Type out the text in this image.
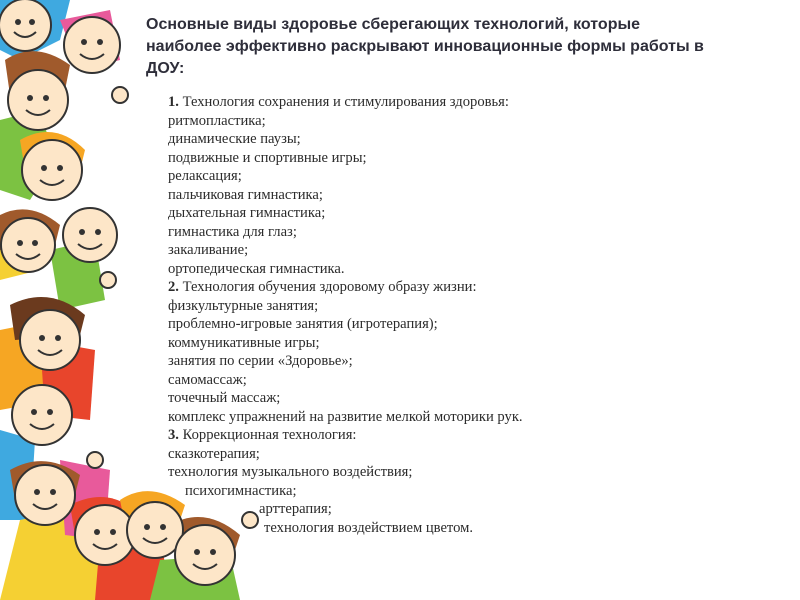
Основные виды здоровье сберегающих технологий, которые наиболее эффективно раскрывают инновационные формы работы в ДОУ:
1. Технология сохранения и стимулирования здоровья:
ритмопластика;
динамические паузы;
подвижные и спортивные игры;
релаксация;
пальчиковая гимнастика;
дыхательная гимнастика;
гимнастика для глаз;
закаливание;
ортопедическая гимнастика.
2. Технология обучения здоровому образу жизни:
физкультурные занятия;
проблемно-игровые занятия (игротерапия);
коммуникативные игры;
занятия по серии «Здоровье»;
самомассаж;
точечный массаж;
комплекс упражнений на развитие мелкой моторики рук.
3. Коррекционная технология:
сказкотерапия;
технология музыкального воздействия;
психогимнастика;
арттерапия;
технология воздействием цветом.
